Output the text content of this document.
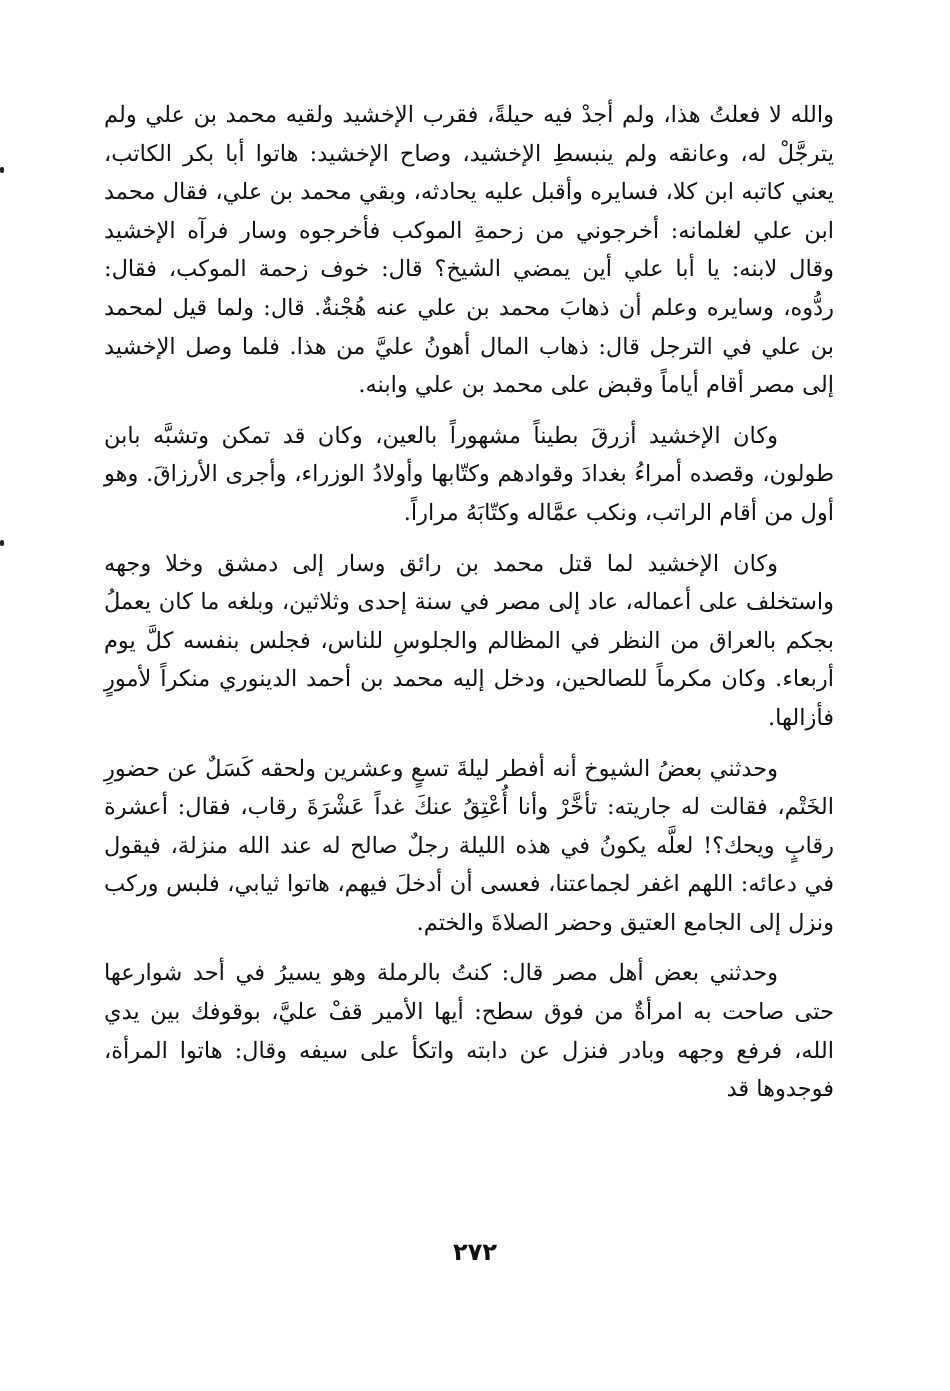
والله لا فعلتُ هذا، ولم أجدْ فيه حيلةً، فقرب الإخشيد ولقيه محمد بن علي ولم يترجَّلْ له، وعانقه ولم ينبسطِ الإخشيد، وصاح الإخشيد: هاتوا أبا بكر الكاتب، يعني كاتبه ابن كلا، فسايره وأقبل عليه يحادثه، وبقي محمد بن علي، فقال محمد ابن علي لغلمانه: أخرجوني من زحمةِ الموكب فأخرجوه وسار فرآه الإخشيد وقال لابنه: يا أبا علي أين يمضي الشيخ؟ قال: خوف زحمة الموكب، فقال: ردُّوه، وسايره وعلم أن ذهابَ محمد بن علي عنه هُجْنةٌ. قال: ولما قيل لمحمد بن علي في الترجل قال: ذهاب المال أهونُ عليَّ من هذا. فلما وصل الإخشيد إلى مصر أقام أياماً وقبض على محمد بن علي وابنه.

وكان الإخشيد أزرقَ بطيناً مشهوراً بالعين، وكان قد تمكن وتشبَّه بابن طولون، وقصده أمراءُ بغدادَ وقوادهم وكتّابها وأولادُ الوزراء، وأجرى الأرزاقَ. وهو أول من أقام الراتب، ونكب عمَّاله وكتّابَهُ مراراً.

وكان الإخشيد لما قتل محمد بن رائق وسار إلى دمشق وخلا وجهه واستخلف على أعماله، عاد إلى مصر في سنة إحدى وثلاثين، وبلغه ما كان يعملُ بجكم بالعراق من النظر في المظالم والجلوسِ للناس، فجلس بنفسه كلَّ يوم أربعاء. وكان مكرماً للصالحين، ودخل إليه محمد بن أحمد الدينوري منكراً لأمورٍ فأزالها.

وحدثني بعضُ الشيوخ أنه أفطر ليلةَ تسعٍ وعشرين ولحقه كَسَلٌ عن حضورِ الخَتْم، فقالت له جاريته: تأخَّرْ وأنا أُعْتِقُ عنكَ غداً عَشْرَةَ رقاب، فقال: أعشرة رقابٍ ويحك؟! لعلَّه يكونُ في هذه الليلة رجلٌ صالح له عند الله منزلة، فيقول في دعائه: اللهم اغفر لجماعتنا، فعسى أن أدخلَ فيهم، هاتوا ثيابي، فلبس وركب ونزل إلى الجامع العتيق وحضر الصلاةَ والختم.

وحدثني بعض أهل مصر قال: كنتُ بالرملة وهو يسيرُ في أحد شوارعها حتى صاحت به امرأةٌ من فوق سطح: أيها الأمير قفْ عليَّ، بوقوفك بين يدي الله، فرفع وجهه وبادر فنزل عن دابته واتكأ على سيفه وقال: هاتوا المرأة، فوجدوها قد

٢٧٢
